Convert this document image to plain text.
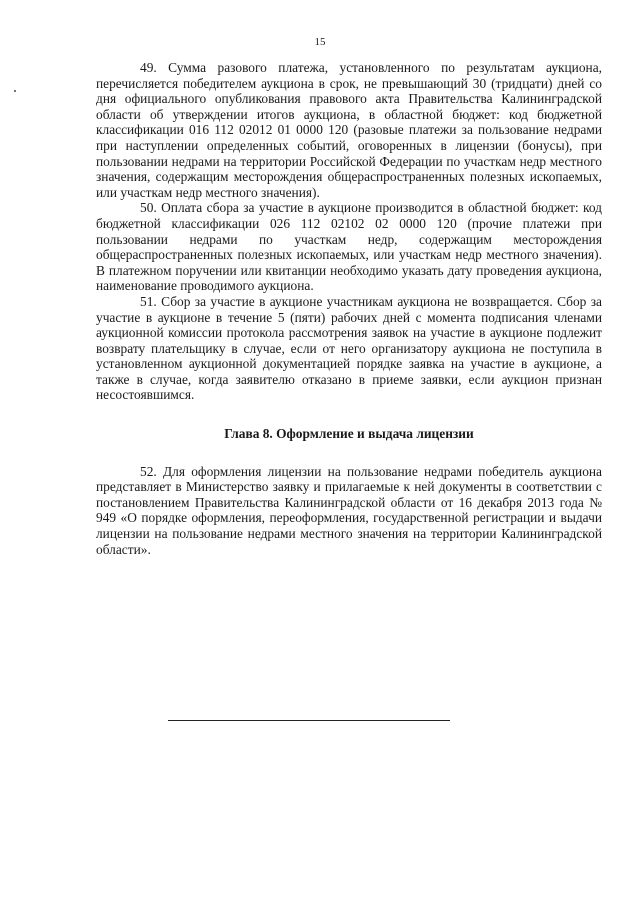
15

49. Сумма разового платежа, установленного по результатам аукциона, перечисляется победителем аукциона в срок, не превышающий 30 (тридцати) дней со дня официального опубликования правового акта Правительства Калининградской области об утверждении итогов аукциона, в областной бюджет: код бюджетной классификации 016 112 02012 01 0000 120 (разовые платежи за пользование недрами при наступлении определенных событий, оговоренных в лицензии (бонусы), при пользовании недрами на территории Российской Федерации по участкам недр местного значения, содержащим месторождения общераспространенных полезных ископаемых, или участкам недр местного значения).

50. Оплата сбора за участие в аукционе производится в областной бюджет: код бюджетной классификации 026 112 02102 02 0000 120 (прочие платежи при пользовании недрами по участкам недр, содержащим месторождения общераспространенных полезных ископаемых, или участкам недр местного значения). В платежном поручении или квитанции необходимо указать дату проведения аукциона, наименование проводимого аукциона.

51. Сбор за участие в аукционе участникам аукциона не возвращается. Сбор за участие в аукционе в течение 5 (пяти) рабочих дней с момента подписания членами аукционной комиссии протокола рассмотрения заявок на участие в аукционе подлежит возврату плательщику в случае, если от него организатору аукциона не поступила в установленном аукционной документацией порядке заявка на участие в аукционе, а также в случае, когда заявителю отказано в приеме заявки, если аукцион признан несостоявшимся.

Глава 8. Оформление и выдача лицензии

52. Для оформления лицензии на пользование недрами победитель аукциона представляет в Министерство заявку и прилагаемые к ней документы в соответствии с постановлением Правительства Калининградской области от 16 декабря 2013 года № 949 «О порядке оформления, переоформления, государственной регистрации и выдачи лицензии на пользование недрами местного значения на территории Калининградской области».
